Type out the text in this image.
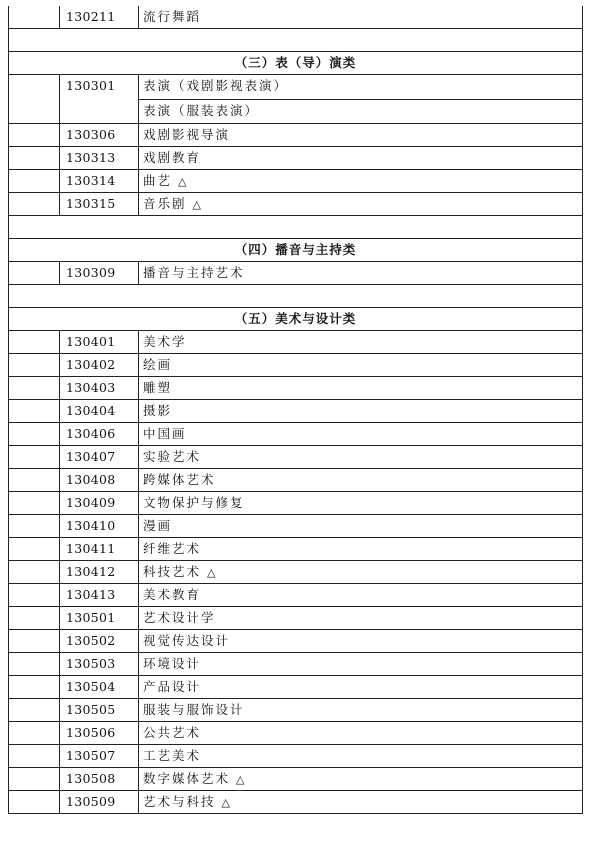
130211	流行舞蹈
（三）表（导）演类
130301	表演（戏剧影视表演）
表演（服装表演）
130306	戏剧影视导演
130313	戏剧教育
130314	曲艺 △
130315	音乐剧 △
（四）播音与主持类
130309	播音与主持艺术
（五）美术与设计类
130401	美术学
130402	绘画
130403	雕塑
130404	摄影
130406	中国画
130407	实验艺术
130408	跨媒体艺术
130409	文物保护与修复
130410	漫画
130411	纤维艺术
130412	科技艺术 △
130413	美术教育
130501	艺术设计学
130502	视觉传达设计
130503	环境设计
130504	产品设计
130505	服装与服饰设计
130506	公共艺术
130507	工艺美术
130508	数字媒体艺术 △
130509	艺术与科技 △
